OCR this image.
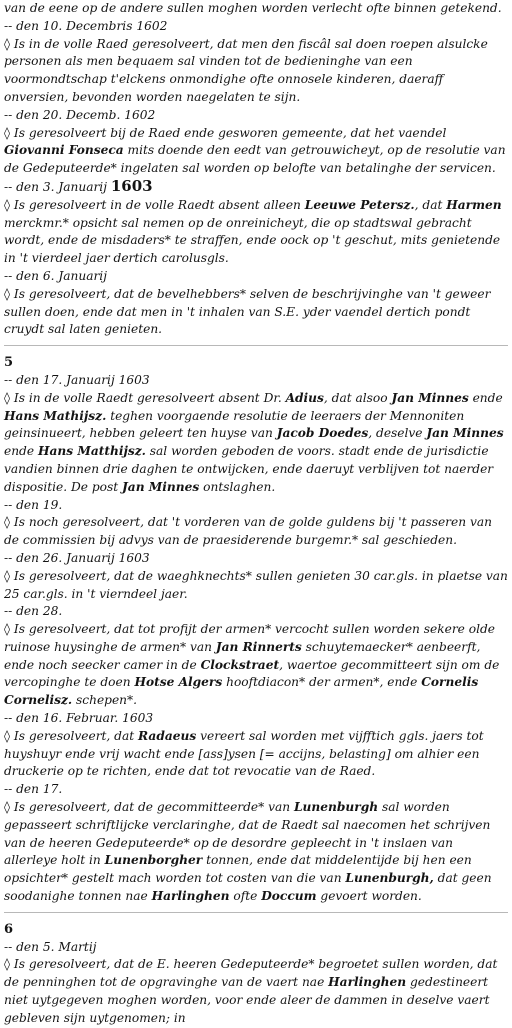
van de eene op de andere sullen moghen worden verlecht ofte binnen getekend.

-- den 10. Decembris 1602

◊ Is in de volle Raed geresolveert, dat men den fiscâl sal doen roepen alsulcke personen als men bequaem sal vinden tot de bedieninghe van een voormondtschap t'elckens onmondighe ofte onnosele kinderen, daeraff onversien, bevonden worden naegelaten te sijn.

-- den 20. Decemb. 1602

◊ Is geresolveert bij de Raed ende gesworen gemeente, dat het vaendel Giovanni Fonseca mits doende den eedt van getrouwicheyt, op de resolutie van de Gedeputeerde* ingelaten sal worden op belofte van betalinghe der servicen.

-- den 3. Januarij 1603

◊ Is geresolveert in de volle Raedt absent alleen Leeuwe Petersz., dat Harmen merckmr.* opsicht sal nemen op de onreinicheyt, die op stadtswal gebracht wordt, ende de misdaders* te straffen, ende oock op 't geschut, mits genietende in 't vierdeel jaer dertich carolusgls.

-- den 6. Januarij

◊ Is geresolveert, dat de bevelhebbers* selven de beschrijvinghe van 't geweer sullen doen, ende dat men in 't inhalen van S.E. yder vaendel dertich pondt cruydt sal laten genieten.

5

-- den 17. Januarij 1603

◊ Is in de volle Raedt geresolveert absent Dr. Adius, dat alsoo Jan Minnes ende Hans Mathijsz. teghen voorgaende resolutie de leeraers der Mennoniten geinsinueert, hebben geleert ten huyse van Jacob Doedes, deselve Jan Minnes ende Hans Matthijsz. sal worden geboden de voors. stadt ende de jurisdictie vandien binnen drie daghen te ontwijcken, ende daeruyt verblijven tot naerder dispositie. De post Jan Minnes ontslaghen.

-- den 19.

◊ Is noch geresolveert, dat 't vorderen van de golde guldens bij 't passeren van de commissien bij advys van de praesiderende burgemr.* sal geschieden.

-- den 26. Januarij 1603

◊ Is geresolveert, dat de waeghknechts* sullen genieten 30 car.gls. in plaetse van 25 car.gls. in 't vierndeel jaer.

-- den 28.

◊ Is geresolveert, dat tot profijt der armen* vercocht sullen worden sekere olde ruinose huysinghe de armen* van Jan Rinnerts schuytemaecker* aenbeerft, ende noch seecker camer in de Clockstraet, waertoe gecommitteert sijn om de vercopinghe te doen Hotse Algers hooftdiacon* der armen*, ende Cornelis Cornelisz. schepen*.

-- den 16. Februar. 1603

◊ Is geresolveert, dat Radaeus vereert sal worden met vijfftich ggls. jaers tot huyshuyr ende vrij wacht ende [ass]ysen [= accijns, belasting] om alhier een druckerie op te richten, ende dat tot revocatie van de Raed.

-- den 17.

◊ Is geresolveert, dat de gecommitteerde* van Lunenburgh sal worden gepasseert schriftlijcke verclaringhe, dat de Raedt sal naecomen het schrijven van de heeren Gedeputeerde* op de desordre gepleecht in 't inslaen van allerleye holt in Lunenborgher tonnen, ende dat middelentijde bij hen een opsichter* gestelt mach worden tot costen van die van Lunenburgh, dat geen soodanighe tonnen nae Harlinghen ofte Doccum gevoert worden.

6

-- den 5. Martij

◊ Is geresolveert, dat de E. heeren Gedeputeerde* begroetet sullen worden, dat de penninghen tot de opgravinghe van de vaert nae Harlinghen gedestineert niet uytgegeven moghen worden, voor ende aleer de dammen in deselve vaert gebleven sijn uytgenomen; in
